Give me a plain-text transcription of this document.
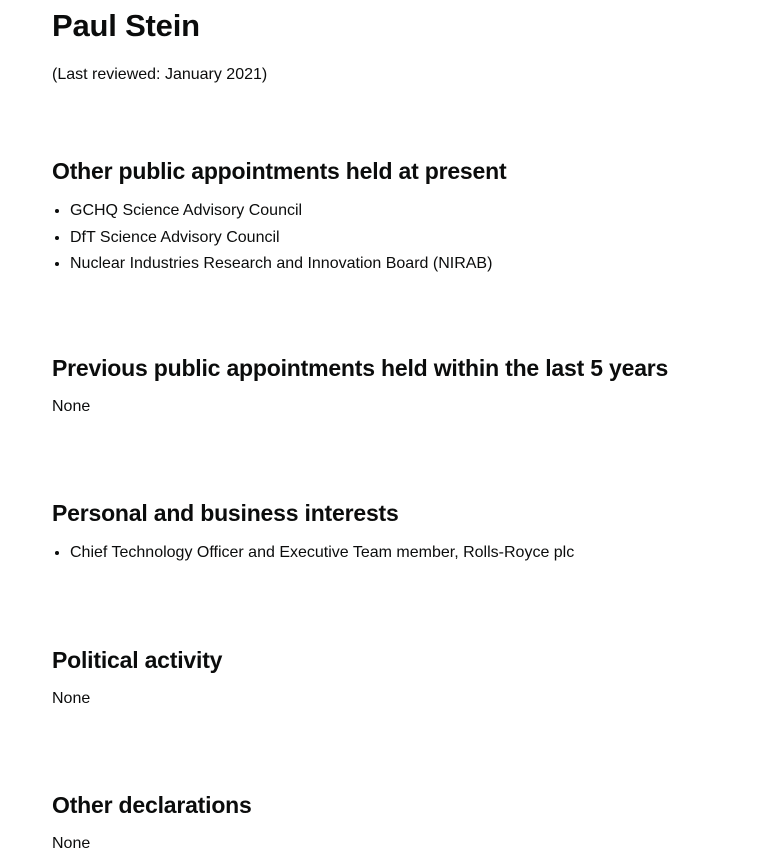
Paul Stein

(Last reviewed: January 2021)

Other public appointments held at present
• GCHQ Science Advisory Council
• DfT Science Advisory Council
• Nuclear Industries Research and Innovation Board (NIRAB)
Previous public appointments held within the last 5 years

None

Personal and business interests
• Chief Technology Officer and Executive Team member, Rolls-Royce plc
Political activity

None

Other declarations

None
